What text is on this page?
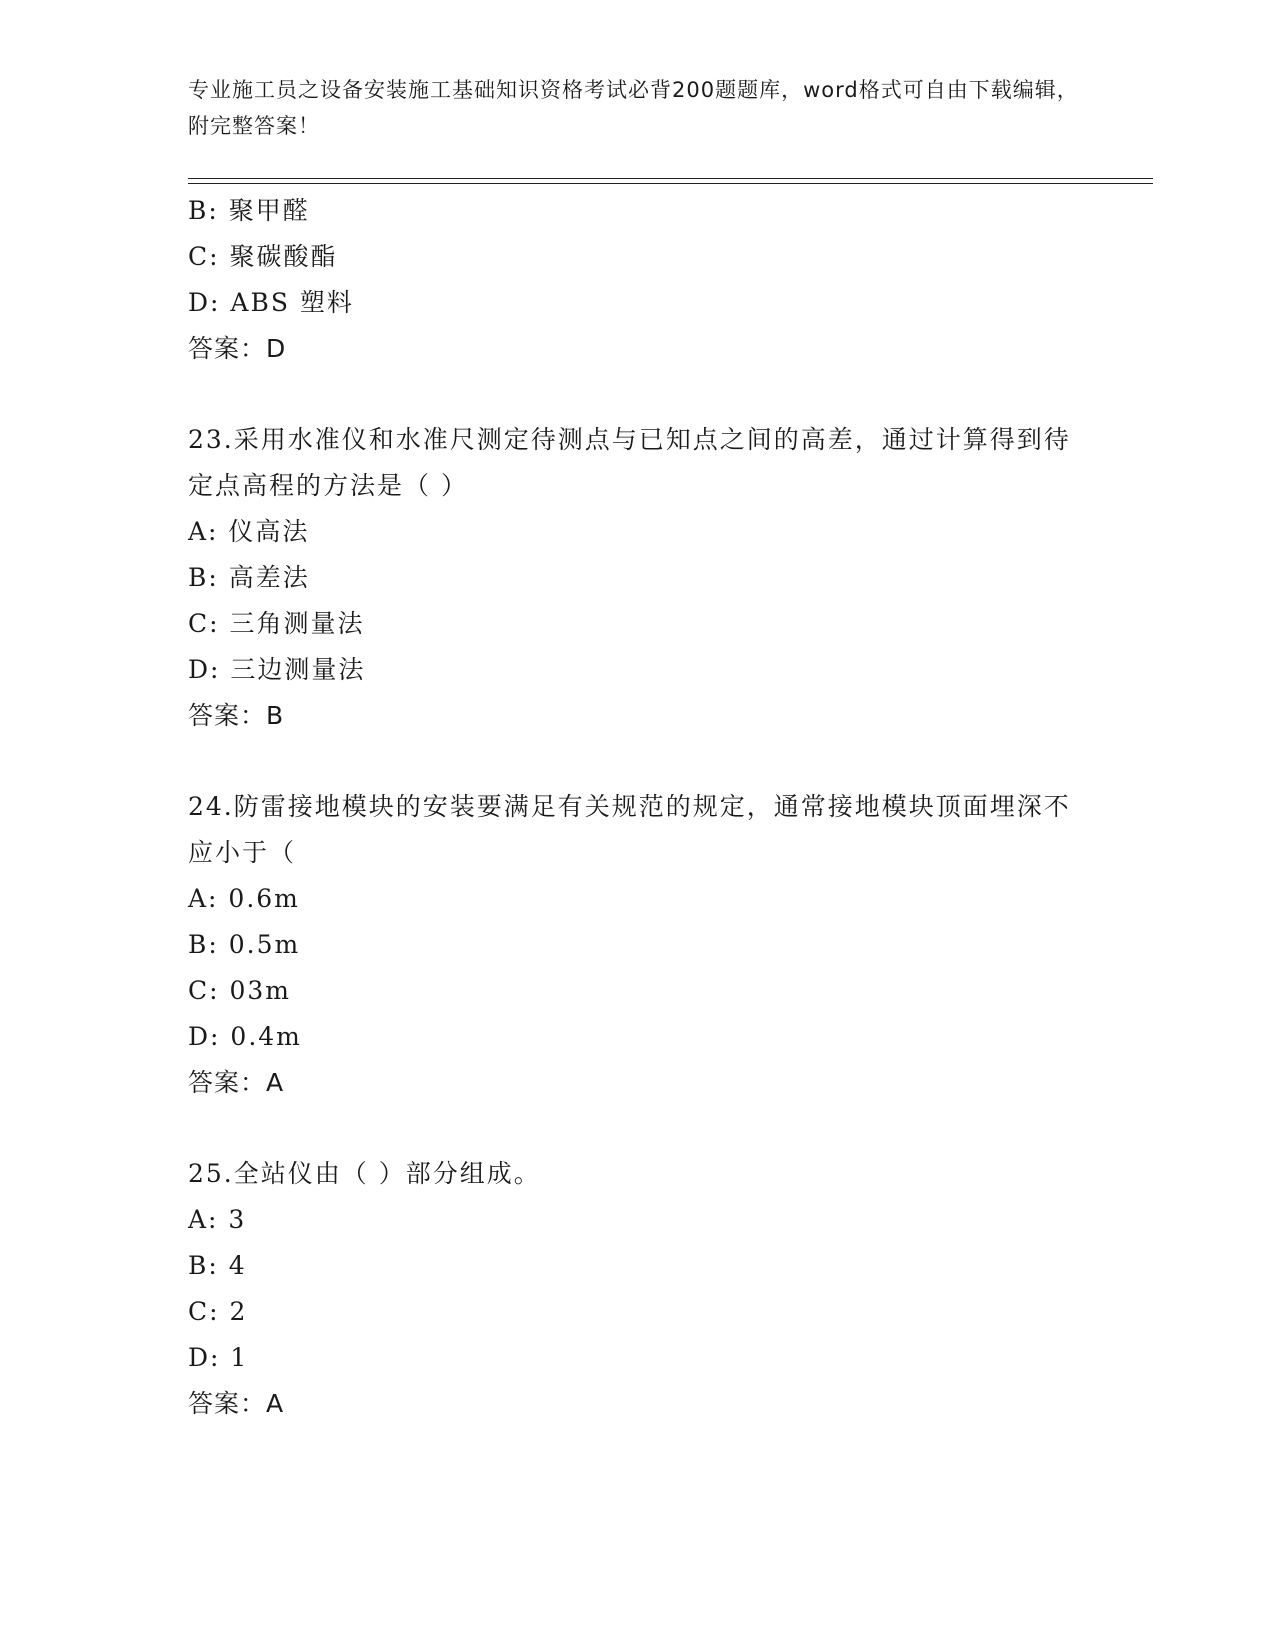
专业施工员之设备安装施工基础知识资格考试必背200题题库，word格式可自由下载编辑，附完整答案！
B: 聚甲醛
C: 聚碳酸酯
D: ABS 塑料
答案：D
23.采用水准仪和水准尺测定待测点与已知点之间的高差，通过计算得到待定点高程的方法是（ ）
A: 仪高法
B: 高差法
C: 三角测量法
D: 三边测量法
答案：B
24.防雷接地模块的安装要满足有关规范的规定，通常接地模块顶面埋深不应小于（
A: 0.6m
B: 0.5m
C: 03m
D: 0.4m
答案：A
25.全站仪由（ ）部分组成。
A: 3
B: 4
C: 2
D: 1
答案：A
